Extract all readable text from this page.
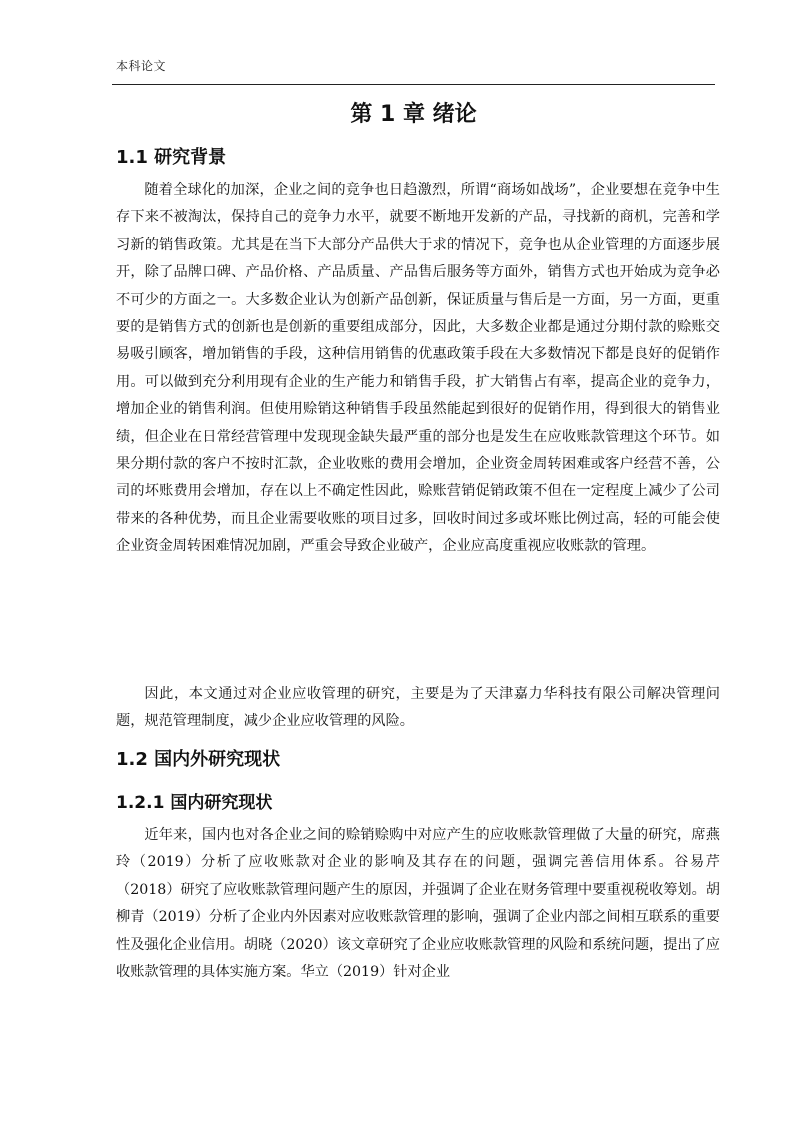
本科论文
第 1 章 绪论
1.1 研究背景

随着全球化的加深，企业之间的竞争也日趋激烈，所谓“商场如战场”，企业要想在竞争中生存下来不被淘汰，保持自己的竞争力水平，就要不断地开发新的产品，寻找新的商机，完善和学习新的销售政策。尤其是在当下大部分产品供大于求的情况下，竞争也从企业管理的方面逐步展开，除了品牌口碑、产品价格、产品质量、产品售后服务等方面外，销售方式也开始成为竞争必不可少的方面之一。大多数企业认为创新产品创新，保证质量与售后是一方面，另一方面，更重要的是销售方式的创新也是创新的重要组成部分，因此，大多数企业都是通过分期付款的赊账交易吸引顾客，增加销售的手段，这种信用销售的优惠政策手段在大多数情况下都是良好的促销作用。可以做到充分利用现有企业的生产能力和销售手段，扩大销售占有率，提高企业的竞争力，增加企业的销售利润。但使用赊销这种销售手段虽然能起到很好的促销作用，得到很大的销售业绩，但企业在日常经营管理中发现现金缺失最严重的部分也是发生在应收账款管理这个环节。如果分期付款的客户不按时汇款，企业收账的费用会增加，企业资金周转困难或客户经营不善，公司的坏账费用会增加，存在以上不确定性因此，赊账营销促销政策不但在一定程度上减少了公司带来的各种优势，而且企业需要收账的项目过多，回收时间过多或坏账比例过高，轻的可能会使企业资金周转困难情况加剧，严重会导致企业破产，企业应高度重视应收账款的管理。

因此，本文通过对企业应收管理的研究，主要是为了天津嘉力华科技有限公司解决管理问题，规范管理制度，减少企业应收管理的风险。

1.2 国内外研究现状
1.2.1 国内研究现状

近年来，国内也对各企业之间的赊销赊购中对应产生的应收账款管理做了大量的研究，席燕玲（2019）分析了应收账款对企业的影响及其存在的问题，强调完善信用体系。谷易芹（2018）研究了应收账款管理问题产生的原因，并强调了企业在财务管理中要重视税收筹划。胡柳青（2019）分析了企业内外因素对应收账款管理的影响，强调了企业内部之间相互联系的重要性及强化企业信用。胡晓（2020）该文章研究了企业应收账款管理的风险和系统问题，提出了应收账款管理的具体实施方案。华立（2019）针对企业
